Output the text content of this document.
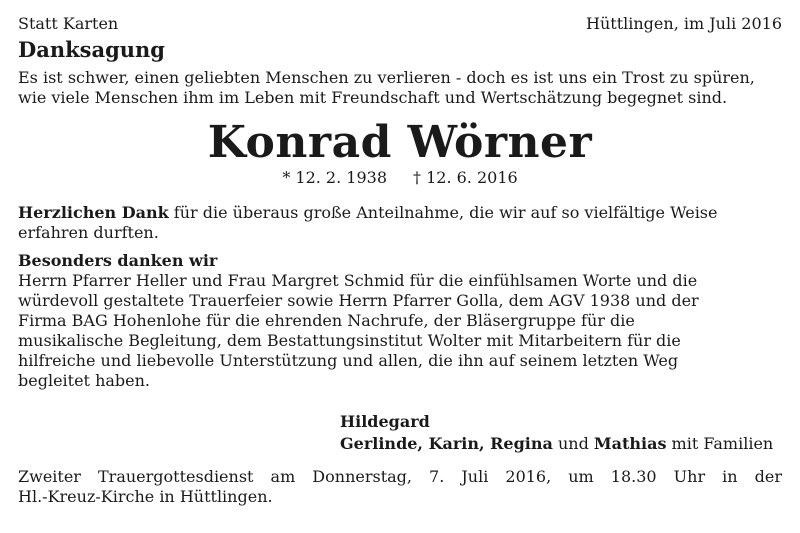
Statt Karten	Hüttlingen, im Juli 2016
Danksagung
Es ist schwer, einen geliebten Menschen zu verlieren - doch es ist uns ein Trost zu spüren,
wie viele Menschen ihm im Leben mit Freundschaft und Wertschätzung begegnet sind.
Konrad Wörner
* 12. 2. 1938 † 12. 6. 2016
Herzlichen Dank für die überaus große Anteilnahme, die wir auf so vielfältige Weise
erfahren durften.
Besonders danken wir
Herrn Pfarrer Heller und Frau Margret Schmid für die einfühlsamen Worte und die
würdevoll gestaltete Trauerfeier sowie Herrn Pfarrer Golla, dem AGV 1938 und der
Firma BAG Hohenlohe für die ehrenden Nachrufe, der Bläsergruppe für die
musikalische Begleitung, dem Bestattungsinstitut Wolter mit Mitarbeitern für die
hilfreiche und liebevolle Unterstützung und allen, die ihn auf seinem letzten Weg
begleitet haben.
Hildegard
Gerlinde, Karin, Regina und Mathias mit Familien
Zweiter Trauergottesdienst am Donnerstag, 7. Juli 2016, um 18.30 Uhr in der
Hl.-Kreuz-Kirche in Hüttlingen.
